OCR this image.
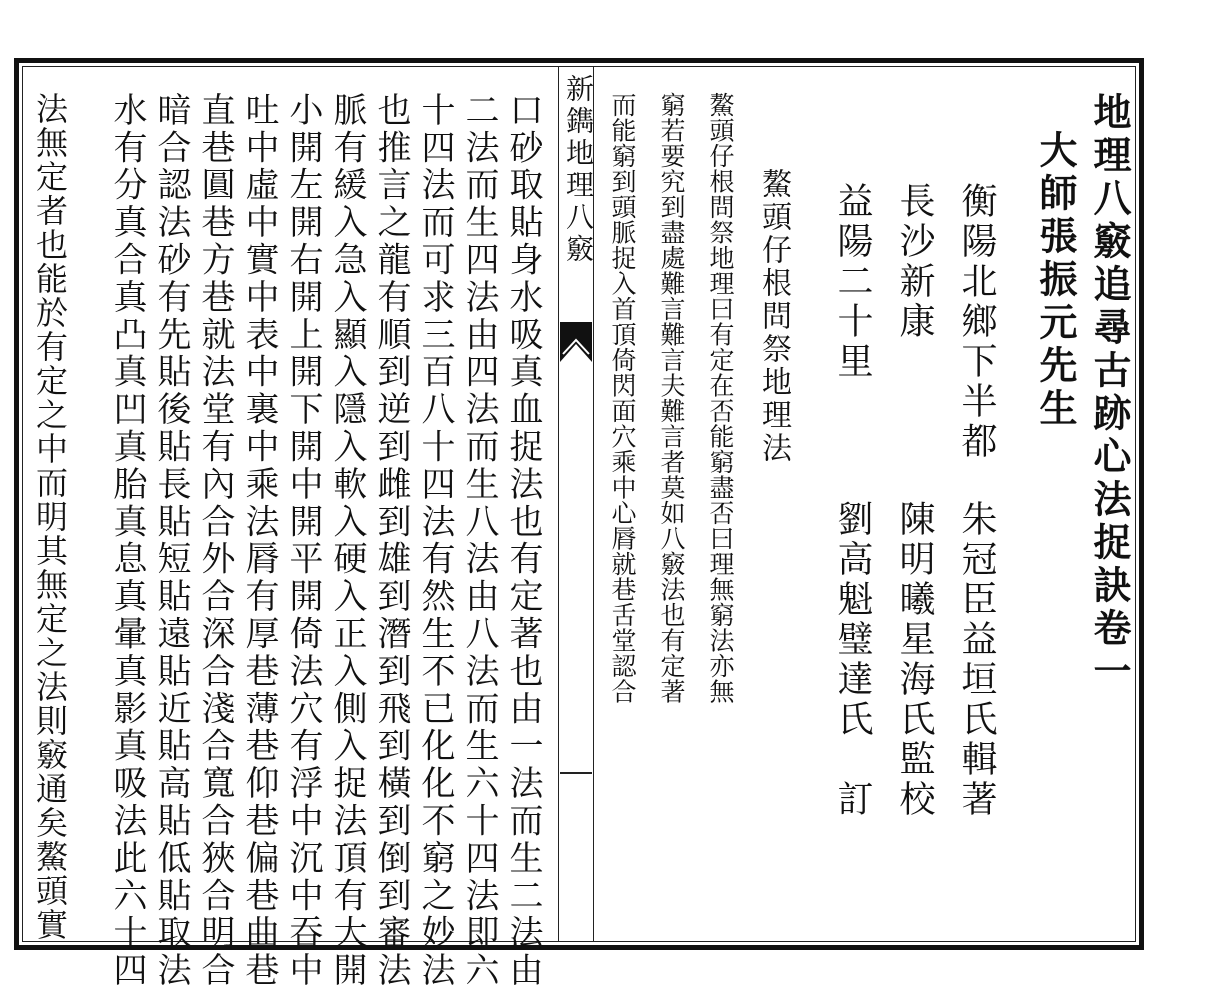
地理八竅追尋古跡心法捉訣卷一
大師張振元先生
衡陽北鄉下半都
朱冠臣益垣氏輯著
長沙新康
陳明曦星海氏監校
益陽二十里
劉高魁璧達氏　訂
鰲頭仔根問祭地理法
鰲頭仔根問祭地理曰有定在否能窮盡否曰理無窮法亦無
窮若要究到盡處難言難言夫難言者莫如八竅法也有定著
而能窮到頭脈捉入首頂倚閃面穴乘中心脣就巷舌堂認合
新鐫地理八竅
口砂取貼身水吸真血捉法也有定著也由一法而生二法由
二法而生四法由四法而生八法由八法而生六十四法即六
十四法而可求三百八十四法有然生不已化化不窮之妙法
也推言之龍有順到逆到雌到雄到潛到飛到橫到倒到審法
脈有緩入急入顯入隱入軟入硬入正入側入捉法頂有大開
小開左開右開上開下開中開平開倚法穴有浮中沉中吞中
吐中虛中實中表中裏中乘法脣有厚巷薄巷仰巷偏巷曲巷
直巷圓巷方巷就法堂有內合外合深合淺合寬合狹合明合
暗合認法砂有先貼後貼長貼短貼遠貼近貼高貼低貼取法
水有分真合真凸真凹真胎真息真暈真影真吸法此六十四
法無定者也能於有定之中而明其無定之法則竅通矣鰲頭實
